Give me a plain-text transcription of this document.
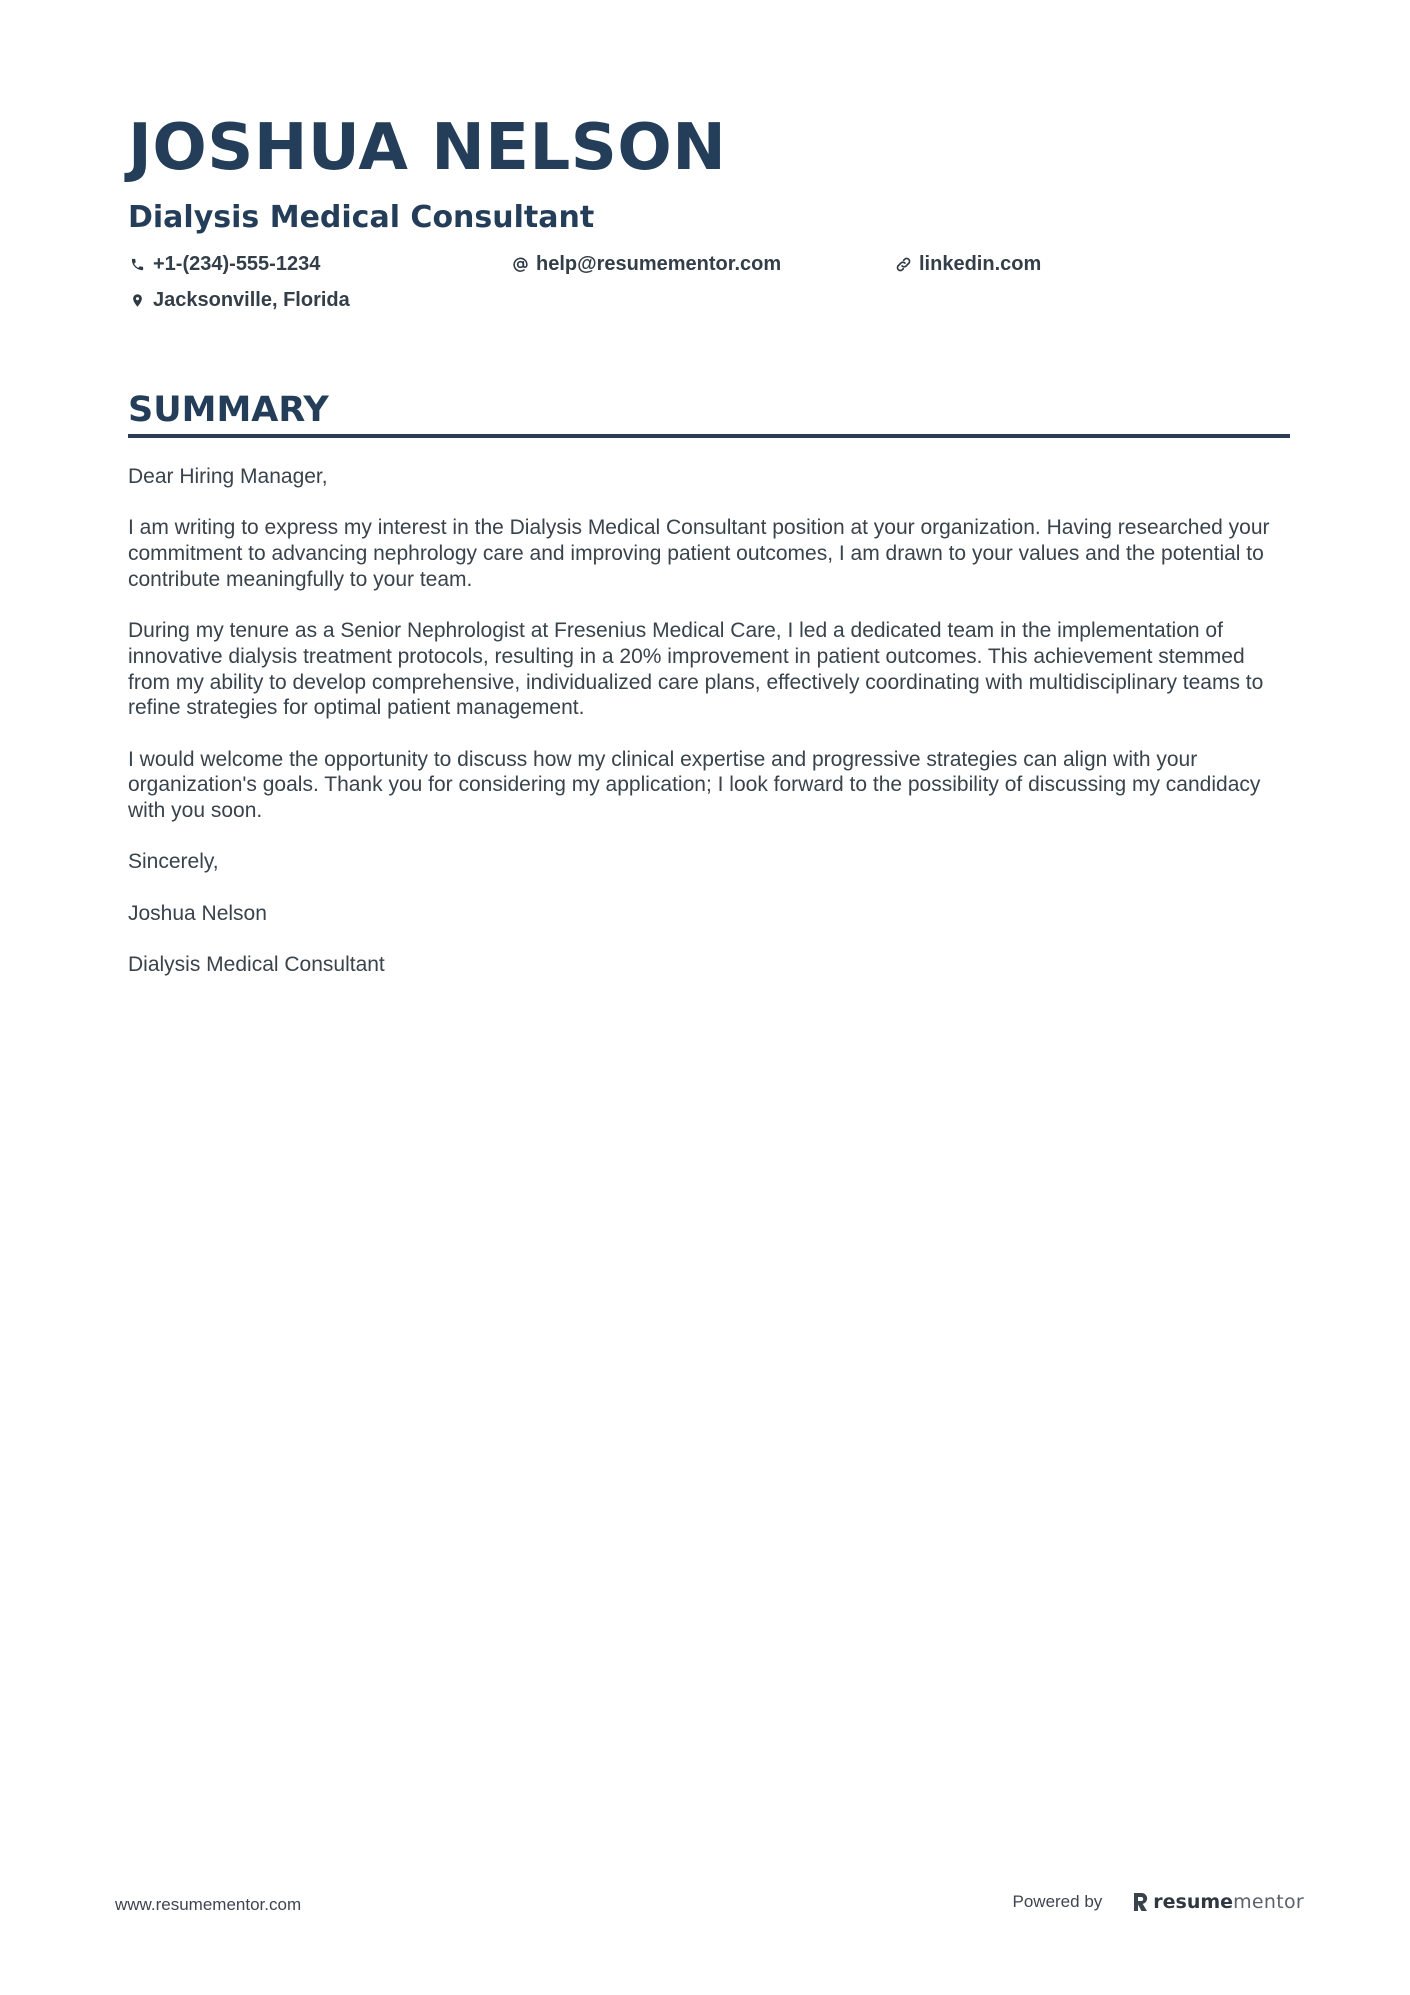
JOSHUA NELSON
Dialysis Medical Consultant
+1-(234)-555-1234	help@resumementor.com	linkedin.com
Jacksonville, Florida
SUMMARY

Dear Hiring Manager,

I am writing to express my interest in the Dialysis Medical Consultant position at your organization. Having researched your commitment to advancing nephrology care and improving patient outcomes, I am drawn to your values and the potential to contribute meaningfully to your team.

During my tenure as a Senior Nephrologist at Fresenius Medical Care, I led a dedicated team in the implementation of innovative dialysis treatment protocols, resulting in a 20% improvement in patient outcomes. This achievement stemmed from my ability to develop comprehensive, individualized care plans, effectively coordinating with multidisciplinary teams to refine strategies for optimal patient management.

I would welcome the opportunity to discuss how my clinical expertise and progressive strategies can align with your organization's goals. Thank you for considering my application; I look forward to the possibility of discussing my candidacy with you soon.

Sincerely,

Joshua Nelson

Dialysis Medical Consultant

www.resumementor.com	Powered by	resume mentor
